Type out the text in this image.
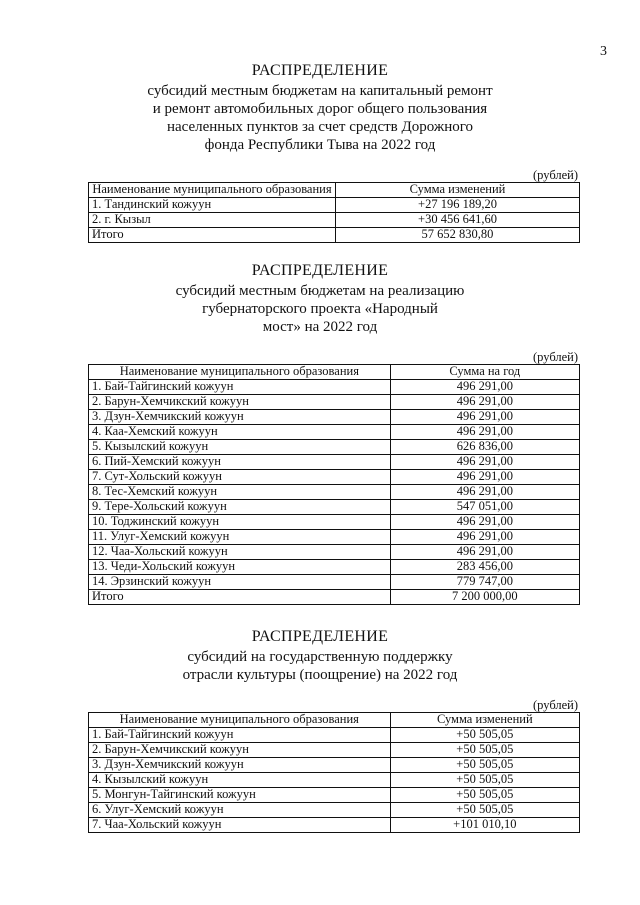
3
РАСПРЕДЕЛЕНИЕ
субсидий местным бюджетам на капитальный ремонт
и ремонт автомобильных дорог общего пользования
населенных пунктов за счет средств Дорожного
фонда Республики Тыва на 2022 год
(рублей)
Наименование муниципального образования	Сумма изменений
1. Тандинский кожуун	+27 196 189,20
2. г. Кызыл	+30 456 641,60
Итого	57 652 830,80
РАСПРЕДЕЛЕНИЕ
субсидий местным бюджетам на реализацию
губернаторского проекта «Народный
мост» на 2022 год
(рублей)
Наименование муниципального образования	Сумма на год
1. Бай-Тайгинский кожуун	496 291,00
2. Барун-Хемчикский кожуун	496 291,00
3. Дзун-Хемчикский кожуун	496 291,00
4. Каа-Хемский кожуун	496 291,00
5. Кызылский кожуун	626 836,00
6. Пий-Хемский кожуун	496 291,00
7. Сут-Хольский кожуун	496 291,00
8. Тес-Хемский кожуун	496 291,00
9. Тере-Хольский кожуун	547 051,00
10. Тоджинский кожуун	496 291,00
11. Улуг-Хемский кожуун	496 291,00
12. Чаа-Хольский кожуун	496 291,00
13. Чеди-Хольский кожуун	283 456,00
14. Эрзинский кожуун	779 747,00
Итого	7 200 000,00
РАСПРЕДЕЛЕНИЕ
субсидий на государственную поддержку
отрасли культуры (поощрение) на 2022 год
(рублей)
Наименование муниципального образования	Сумма изменений
1. Бай-Тайгинский кожуун	+50 505,05
2. Барун-Хемчикский кожуун	+50 505,05
3. Дзун-Хемчикский кожуун	+50 505,05
4. Кызылский кожуун	+50 505,05
5. Монгун-Тайгинский кожуун	+50 505,05
6. Улуг-Хемский кожуун	+50 505,05
7. Чаа-Хольский кожуун	+101 010,10
